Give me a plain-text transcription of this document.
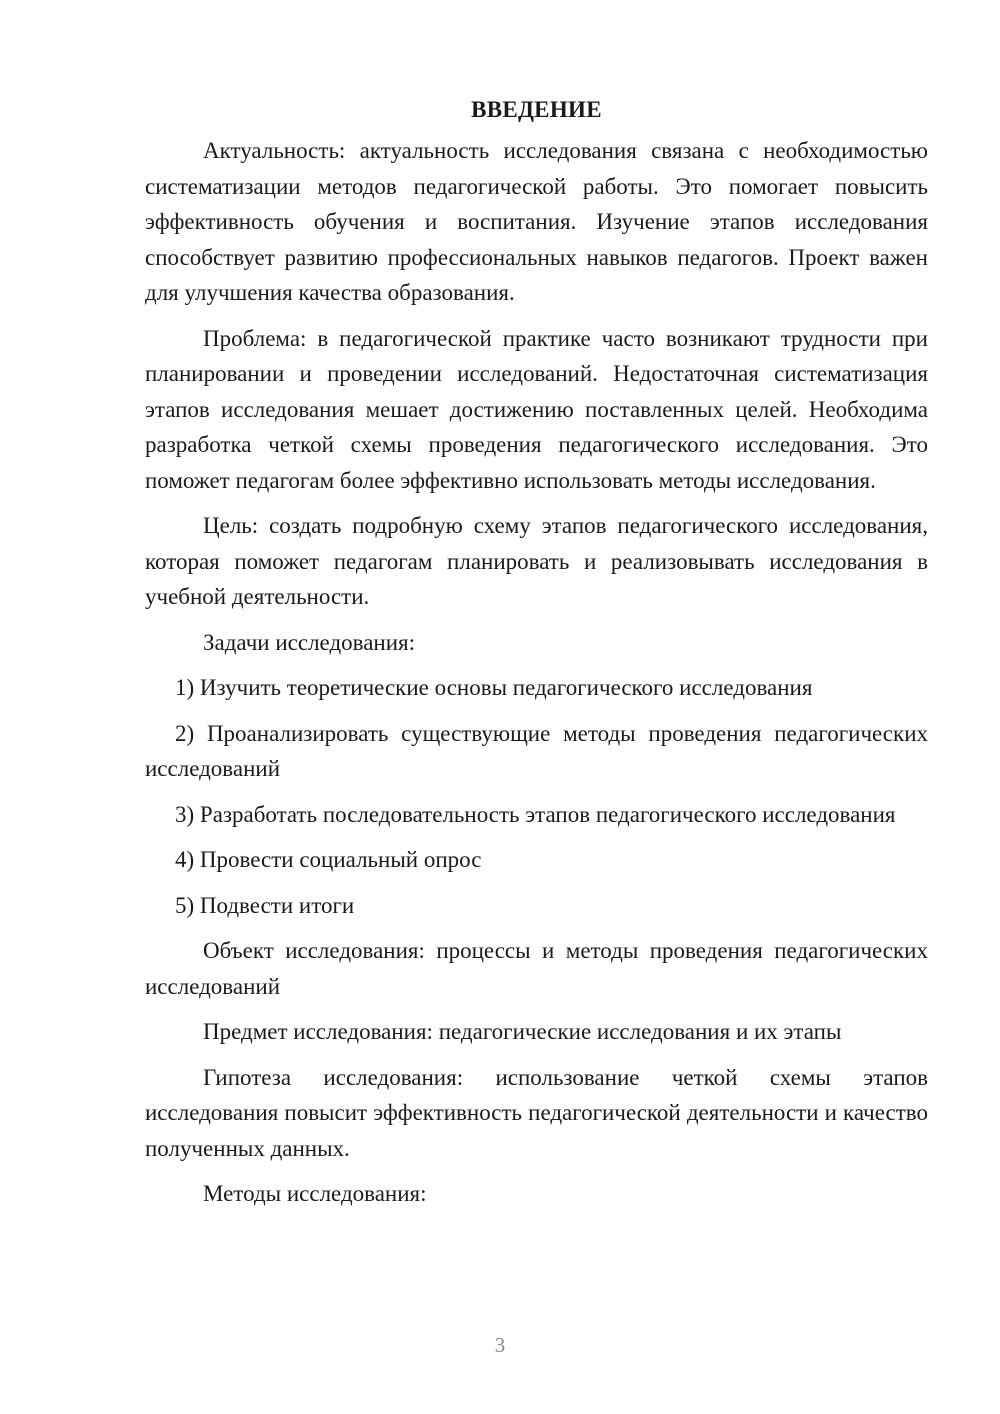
ВВЕДЕНИЕ

Актуальность: актуальность исследования связана с необходимостью систематизации методов педагогической работы. Это помогает повысить эффективность обучения и воспитания. Изучение этапов исследования способствует развитию профессиональных навыков педагогов. Проект важен для улучшения качества образования.

Проблема: в педагогической практике часто возникают трудности при планировании и проведении исследований. Недостаточная систематизация этапов исследования мешает достижению поставленных целей. Необходима разработка четкой схемы проведения педагогического исследования. Это поможет педагогам более эффективно использовать методы исследования.

Цель: создать подробную схему этапов педагогического исследования, которая поможет педагогам планировать и реализовывать исследования в учебной деятельности.

Задачи исследования:

1) Изучить теоретические основы педагогического исследования

2) Проанализировать существующие методы проведения педагогических исследований

3) Разработать последовательность этапов педагогического исследования

4) Провести социальный опрос

5) Подвести итоги

Объект исследования: процессы и методы проведения педагогических исследований

Предмет исследования: педагогические исследования и их этапы

Гипотеза исследования: использование четкой схемы этапов исследования повысит эффективность педагогической деятельности и качество полученных данных.

Методы исследования:

3
